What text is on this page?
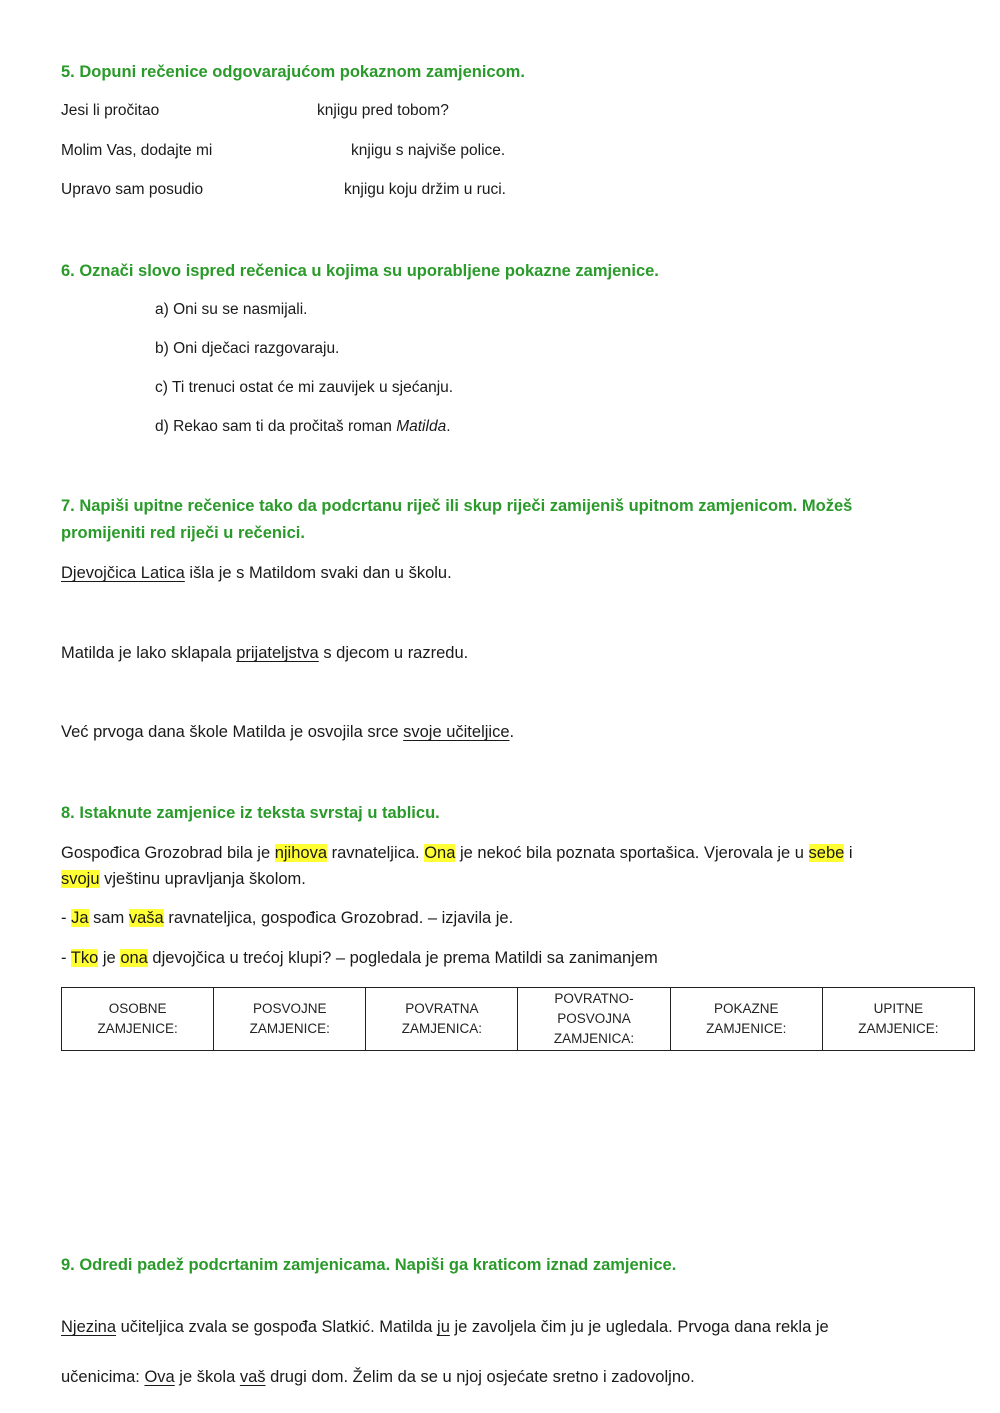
5. Dopuni rečenice odgovarajućom pokaznom zamjenicom.
Jesi li pročitao	knjigu pred tobom?
Molim Vas, dodajte mi	knjigu s najviše police.
Upravo sam posudio	knjigu koju držim u ruci.
6. Označi slovo ispred rečenica u kojima su uporabljene pokazne zamjenice.
a) Oni su se nasmijali.
b) Oni dječaci razgovaraju.
c) Ti trenuci ostat će mi zauvijek u sjećanju.
d) Rekao sam ti da pročitaš roman Matilda.
7. Napiši upitne rečenice tako da podcrtanu riječ ili skup riječi zamijeniš upitnom zamjenicom. Možeš
promijeniti red riječi u rečenici.
Djevojčica Latica išla je s Matildom svaki dan u školu.
Matilda je lako sklapala prijateljstva s djecom u razredu.
Već prvoga dana škole Matilda je osvojila srce svoje učiteljice.
8. Istaknute zamjenice iz teksta svrstaj u tablicu.
Gospođica Grozobrad bila je njihova ravnateljica. Ona je nekoć bila poznata sportašica. Vjerovala je u sebe i
svoju vještinu upravljanja školom.
- Ja sam vaša ravnateljica, gospođica Grozobrad. – izjavila je.
- Tko je ona djevojčica u trećoj klupi? – pogledala je prema Matildi sa zanimanjem
OSOBNE
ZAMJENICE:

POSVOJNE
ZAMJENICE:

POVRATNA
ZAMJENICA:

POVRATNO-
POSVOJNA
ZAMJENICA:

POKAZNE
ZAMJENICE:

UPITNE
ZAMJENICE:
9. Odredi padež podcrtanim zamjenicama. Napiši ga kraticom iznad zamjenice.
Njezina učiteljica zvala se gospođa Slatkić. Matilda ju je zavoljela čim ju je ugledala. Prvoga dana rekla je
učenicima: Ova je škola vaš drugi dom. Želim da se u njoj osjećate sretno i zadovoljno.
